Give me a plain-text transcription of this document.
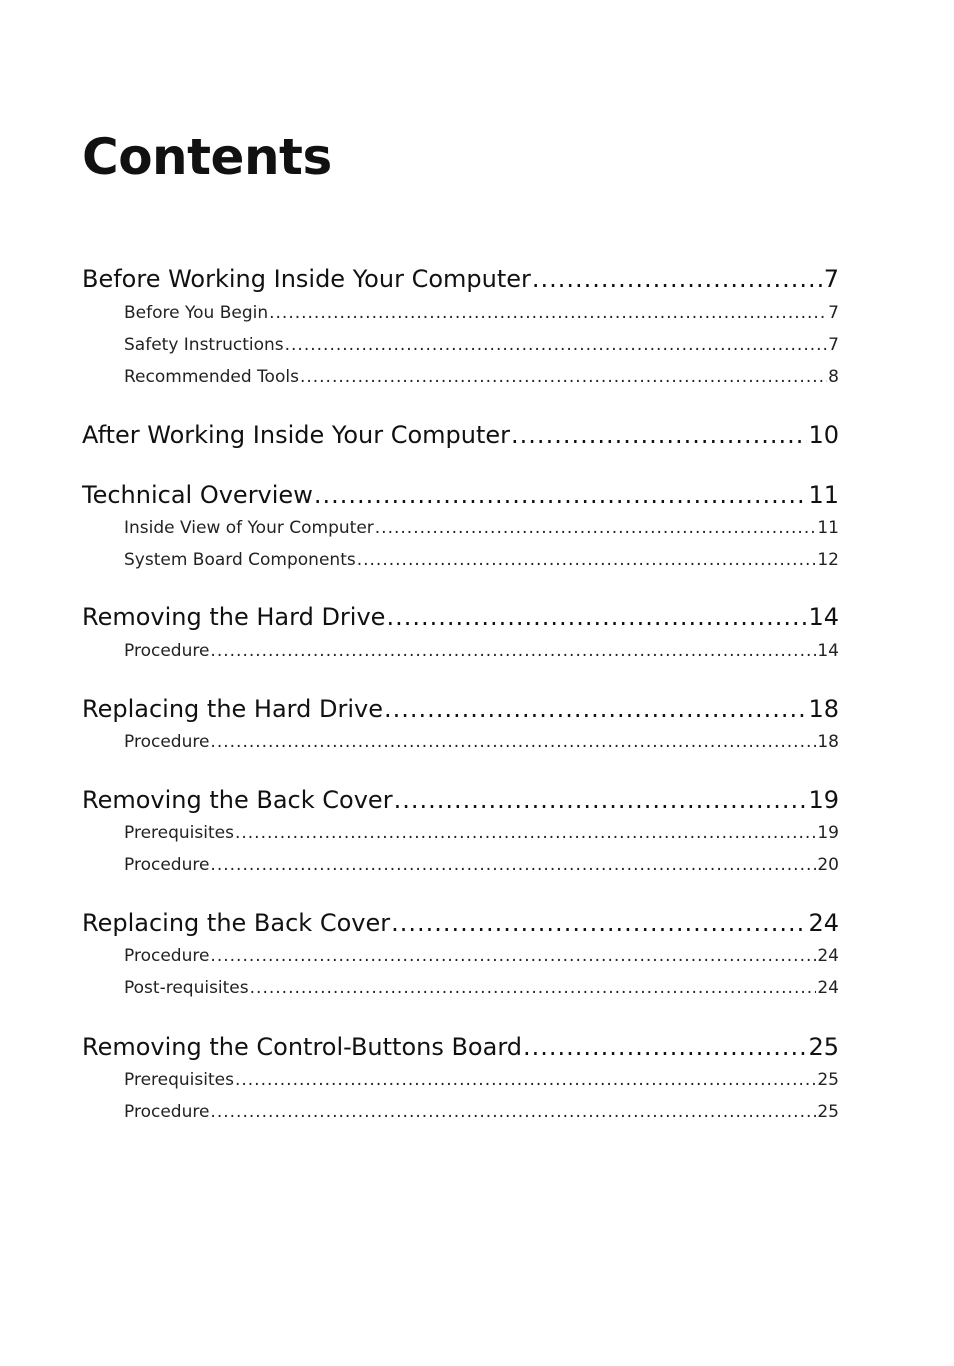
Contents
Before Working Inside Your Computer .....	7
Before You Begin .....	7
Safety Instructions .....	7
Recommended Tools .....	8
After Working Inside Your Computer .....	10
Technical Overview .....	11
Inside View of Your Computer .....	11
System Board Components .....	12
Removing the Hard Drive .....	14
Procedure .....	14
Replacing the Hard Drive .....	18
Procedure .....	18
Removing the Back Cover .....	19
Prerequisites .....	19
Procedure .....	20
Replacing the Back Cover .....	24
Procedure .....	24
Post-requisites .....	24
Removing the Control-Buttons Board .....	25
Prerequisites .....	25
Procedure .....	25
